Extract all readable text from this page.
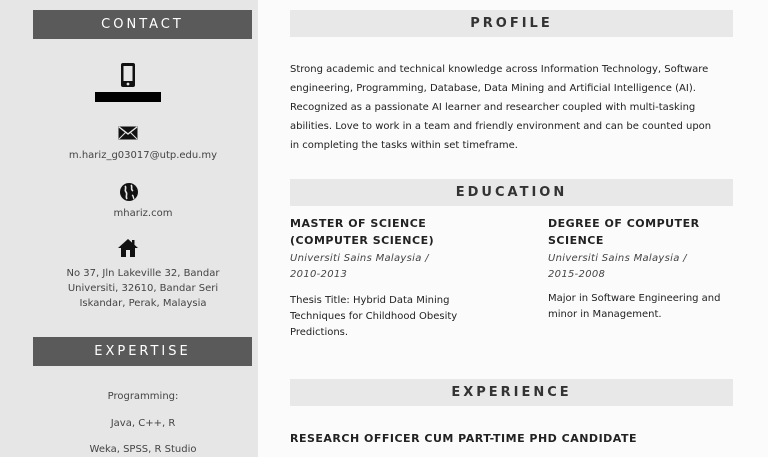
CONTACT
m.hariz_g03017@utp.edu.my
mhariz.com
No 37, Jln Lakeville 32, Bandar
Universiti, 32610, Bandar Seri
Iskandar, Perak, Malaysia
EXPERTISE
Programming:
Java, C++, R
Weka, SPSS, R Studio
PROFILE
Strong academic and technical knowledge across Information Technology, Software
engineering, Programming, Database, Data Mining and Artificial Intelligence (AI).
Recognized as a passionate AI learner and researcher coupled with multi-tasking
abilities. Love to work in a team and friendly environment and can be counted upon
in completing the tasks within set timeframe.
EDUCATION
MASTER OF SCIENCE
(COMPUTER SCIENCE)
Universiti Sains Malaysia /
2010-2013
Thesis Title: Hybrid Data Mining
Techniques for Childhood Obesity
Predictions.
DEGREE OF COMPUTER
SCIENCE
Universiti Sains Malaysia /
2015-2008
Major in Software Engineering and
minor in Management.
EXPERIENCE
RESEARCH OFFICER CUM PART-TIME PHD CANDIDATE
